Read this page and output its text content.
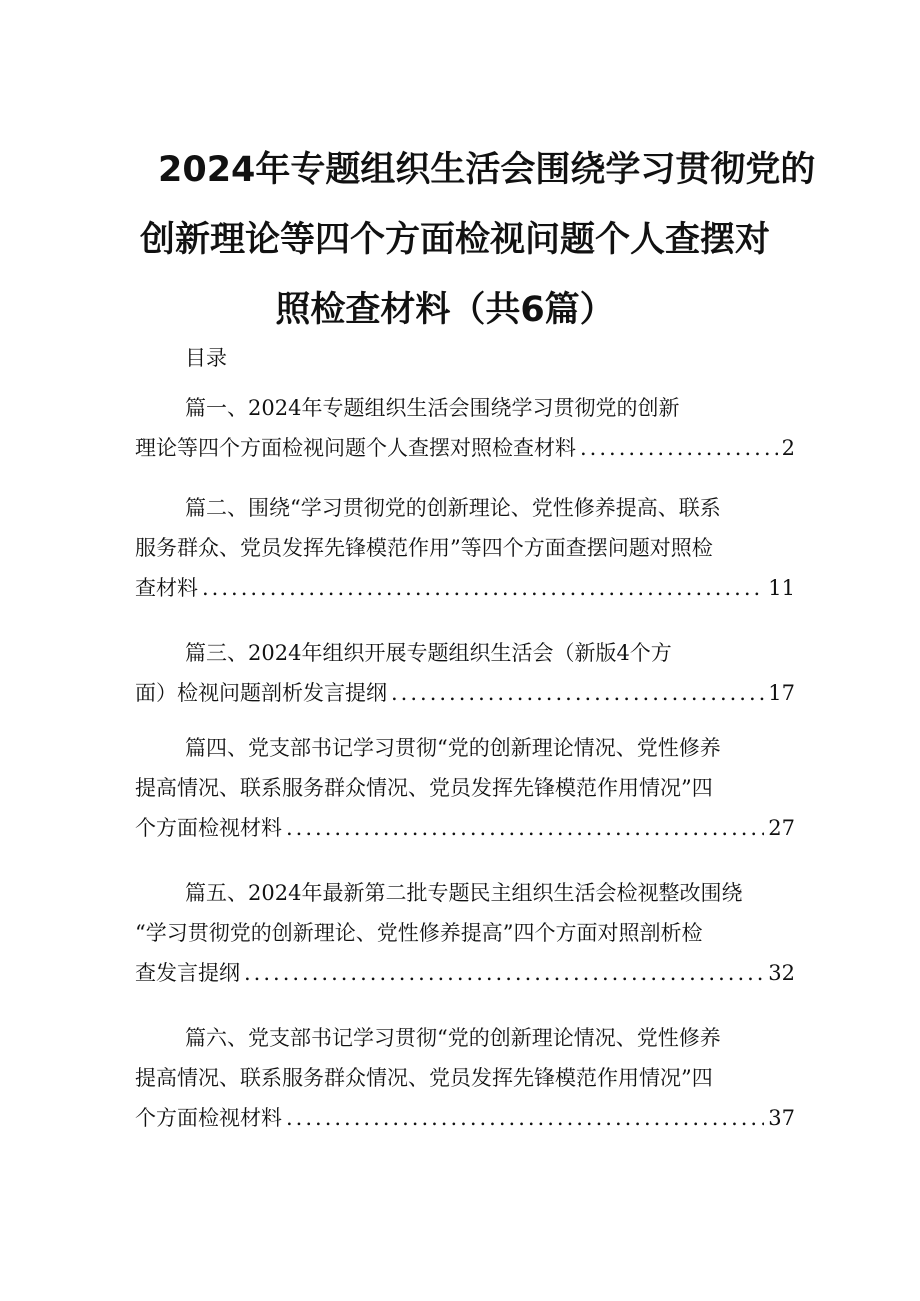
2024年专题组织生活会围绕学习贯彻党的
创新理论等四个方面检视问题个人查摆对
照检查材料（共6篇）
目录
篇一、2024年专题组织生活会围绕学习贯彻党的创新
理论等四个方面检视问题个人查摆对照检查材料 .....	2
篇二、围绕“学习贯彻党的创新理论、党性修养提高、联系
服务群众、党员发挥先锋模范作用”等四个方面查摆问题对照检
查材料 .....	11
篇三、2024年组织开展专题组织生活会（新版4个方
面）检视问题剖析发言提纲 .....	17
篇四、党支部书记学习贯彻“党的创新理论情况、党性修养
提高情况、联系服务群众情况、党员发挥先锋模范作用情况”四
个方面检视材料 .....	27
篇五、2024年最新第二批专题民主组织生活会检视整改围绕
“学习贯彻党的创新理论、党性修养提高”四个方面对照剖析检
查发言提纲 .....	32
篇六、党支部书记学习贯彻“党的创新理论情况、党性修养
提高情况、联系服务群众情况、党员发挥先锋模范作用情况”四
个方面检视材料 .....	37
